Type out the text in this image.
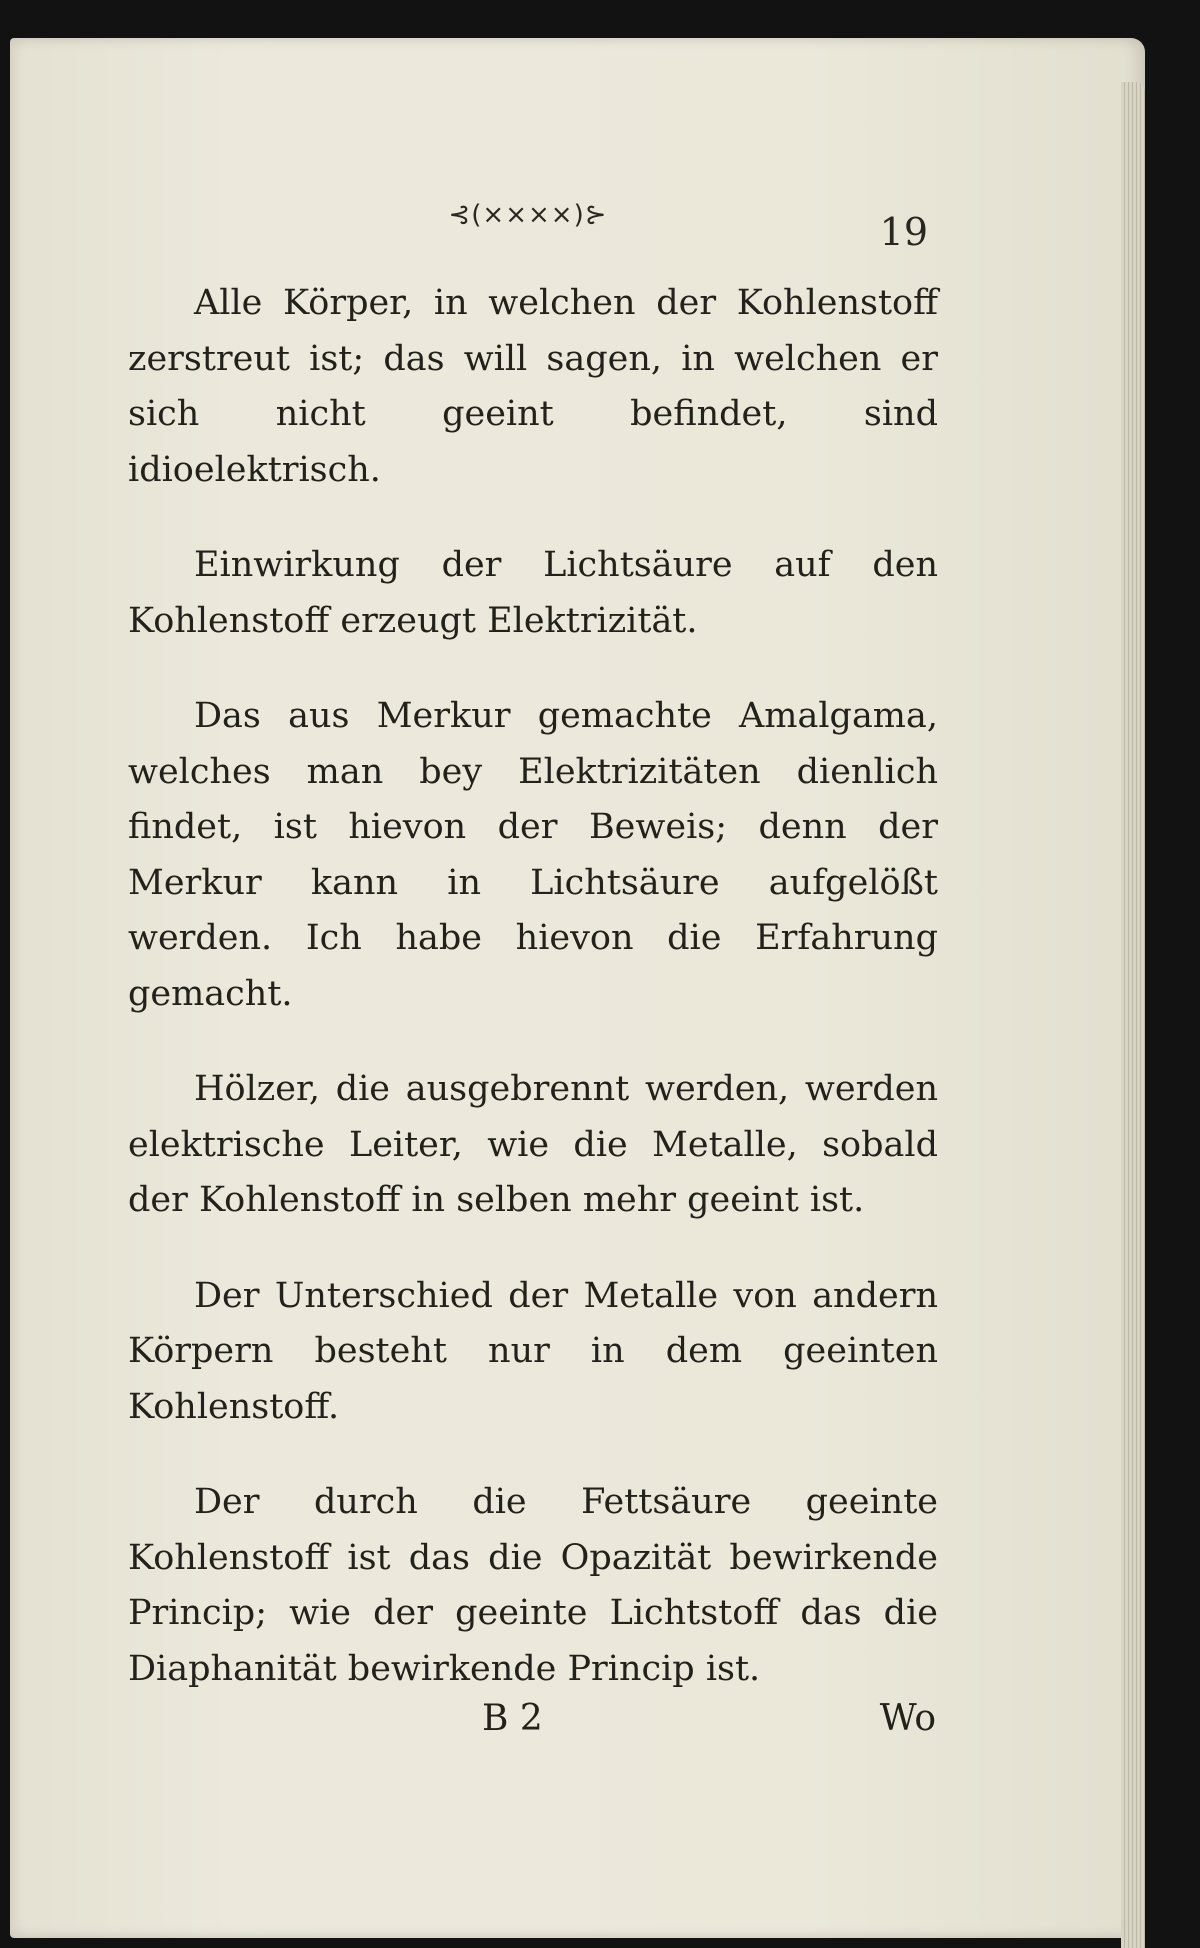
⊰(⨯⨯⨯⨯)⊱	19

Alle Körper, in welchen der Kohlenstoff zerstreut ist; das will sagen, in welchen er sich nicht geeint befindet, sind idioelektrisch.

Einwirkung der Lichtsäure auf den Kohlenstoff erzeugt Elektrizität.

Das aus Merkur gemachte Amalgama, welches man bey Elektrizitäten dienlich findet, ist hievon der Beweis; denn der Merkur kann in Lichtsäure aufgelößt werden. Ich habe hievon die Erfahrung gemacht.

Hölzer, die ausgebrennt werden, werden elektrische Leiter, wie die Metalle, sobald der Kohlenstoff in selben mehr geeint ist.

Der Unterschied der Metalle von andern Körpern besteht nur in dem geeinten Kohlenstoff.

Der durch die Fettsäure geeinte Kohlenstoff ist das die Opazität bewirkende Princip; wie der geeinte Lichtstoff das die Diaphanität bewirkende Princip ist.

B 2	Wo
